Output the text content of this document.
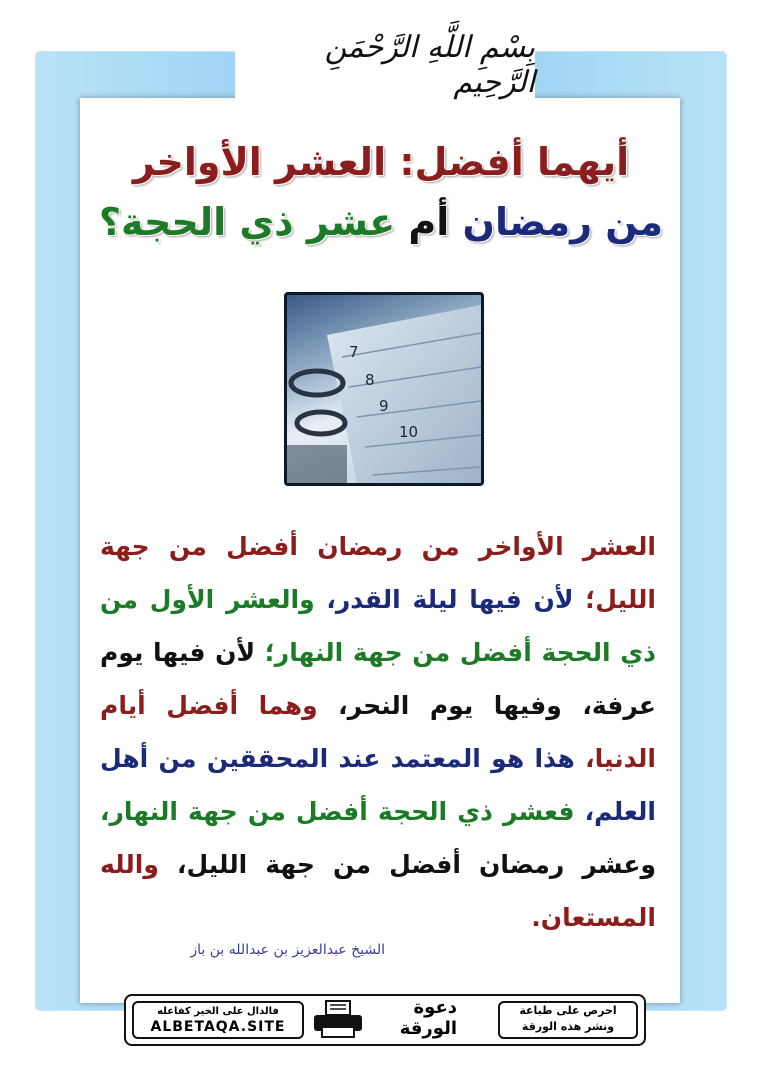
بِسْمِ اللَّهِ الرَّحْمَنِ الرَّحِيم
أيهما أفضل: العشر الأواخر
من رمضان أم عشر ذي الحجة؟
7
8
9
10
العشر الأواخر من رمضان أفضل من جهة الليل؛ لأن فيها ليلة القدر، والعشر الأول من ذي الحجة أفضل من جهة النهار؛ لأن فيها يوم عرفة، وفيها يوم النحر، وهما أفضل أيام الدنيا، هذا هو المعتمد عند المحققين من أهل العلم، فعشر ذي الحجة أفضل من جهة النهار، وعشر رمضان أفضل من جهة الليل، والله المستعان.
الشيخ عبدالعزيز بن عبدالله بن باز
احرص على طباعة
ونشر هذه الورقة
دعوة الورقة
فالدال على الخير كفاعله
ALBETAQA.SITE
